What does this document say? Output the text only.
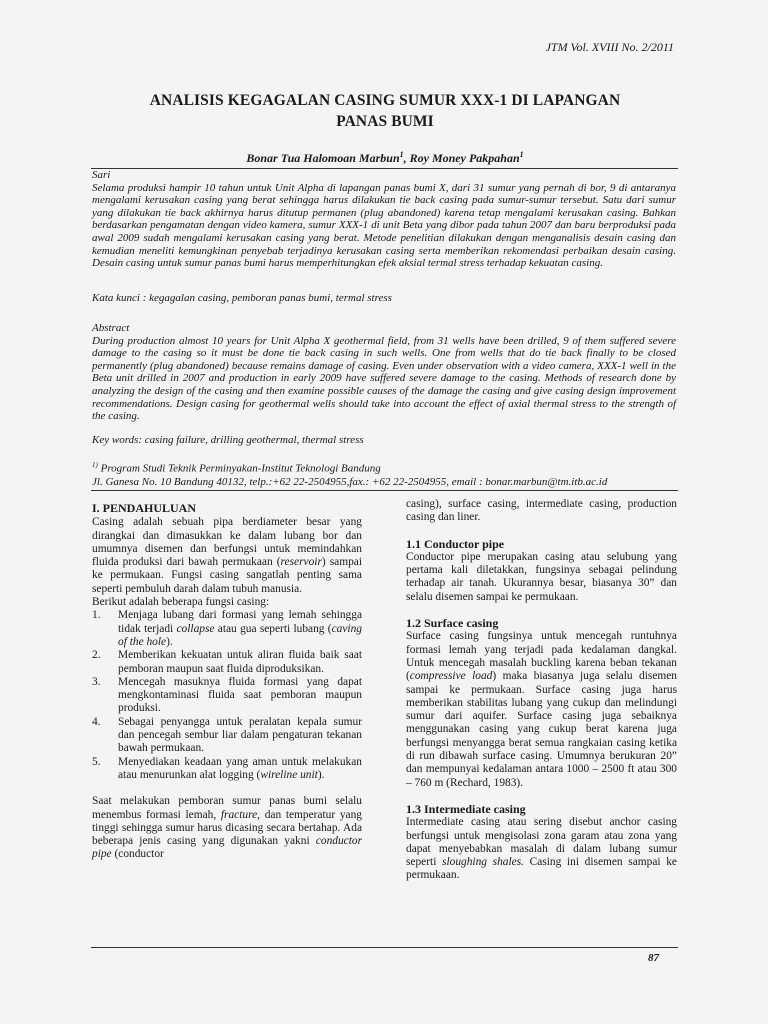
JTM Vol. XVIII No. 2/2011
ANALISIS KEGAGALAN CASING SUMUR XXX-1 DI LAPANGAN
PANAS BUMI
Bonar Tua Halomoan Marbun$^1$, Roy Money Pakpahan$^1$

Sari
Selama produksi hampir 10 tahun untuk Unit Alpha di lapangan panas bumi X, dari 31 sumur yang pernah di bor, 9 di antaranya mengalami kerusakan casing yang berat sehingga harus dilakukan tie back casing pada sumur-sumur tersebut. Satu dari sumur yang dilakukan tie back akhirnya harus ditutup permanen (plug abandoned) karena tetap mengalami kerusakan casing. Bahkan berdasarkan pengamatan dengan video kamera, sumur XXX-1 di unit Beta yang dibor pada tahun 2007 dan baru berproduksi pada awal 2009 sudah mengalami kerusakan casing yang berat. Metode penelitian dilakukan dengan menganalisis desain casing dan kemudian meneliti kemungkinan penyebab terjadinya kerusakan casing serta memberikan rekomendasi perbaikan desain casing. Desain casing untuk sumur panas bumi harus memperhitungkan efek aksial termal stress terhadap kekuatan casing.

Kata kunci : kegagalan casing, pemboran panas bumi, termal stress

Abstract
During production almost 10 years for Unit Alpha X geothermal field, from 31 wells have been drilled, 9 of them suffered severe damage to the casing so it must be done tie back casing in such wells. One from wells that do tie back finally to be closed permanently (plug abandoned) because remains damage of casing. Even under observation with a video camera, XXX-1 well in the Beta unit drilled in 2007 and production in early 2009 have suffered severe damage to the casing. Methods of research done by analyzing the design of the casing and then examine possible causes of the damage the casing and give casing design improvement recommendations. Design casing for geothermal wells should take into account the effect of axial thermal stress to the strength of the casing.

Key words: casing failure, drilling geothermal, thermal stress

$^{1)}$ Program Studi Teknik Perminyakan-Institut Teknologi Bandung
Jl. Ganesa No. 10 Bandung 40132, telp.:+62 22-2504955,fax.: +62 22-2504955, email : bonar.marbun@tm.itb.ac.id

I. PENDAHULUAN

Casing adalah sebuah pipa berdiameter besar yang dirangkai dan dimasukkan ke dalam lubang bor dan umumnya disemen dan berfungsi untuk memindahkan fluida produksi dari bawah permukaan (reservoir) sampai ke permukaan. Fungsi casing sangatlah penting sama seperti pembuluh darah dalam tubuh manusia.

Berikut adalah beberapa fungsi casing:

1. Menjaga lubang dari formasi yang lemah sehingga tidak terjadi collapse atau gua seperti lubang (caving of the hole).
2. Memberikan kekuatan untuk aliran fluida baik saat pemboran maupun saat fluida diproduksikan.
3. Mencegah masuknya fluida formasi yang dapat mengkontaminasi fluida saat pemboran maupun produksi.
4. Sebagai penyangga untuk peralatan kepala sumur dan pencegah sembur liar dalam pengaturan tekanan bawah permukaan.
5. Menyediakan keadaan yang aman untuk melakukan atau menurunkan alat logging (wireline unit).

Saat melakukan pemboran sumur panas bumi selalu menembus formasi lemah, fracture, dan temperatur yang tinggi sehingga sumur harus dicasing secara bertahap. Ada beberapa jenis casing yang digunakan yakni conductor pipe (conductor

casing), surface casing, intermediate casing, production casing dan liner.

1.1 Conductor pipe

Conductor pipe merupakan casing atau selubung yang pertama kali diletakkan, fungsinya sebagai pelindung terhadap air tanah. Ukurannya besar, biasanya 30” dan selalu disemen sampai ke permukaan.

1.2 Surface casing

Surface casing fungsinya untuk mencegah runtuhnya formasi lemah yang terjadi pada kedalaman dangkal. Untuk mencegah masalah buckling karena beban tekanan (compressive load) maka biasanya juga selalu disemen sampai ke permukaan. Surface casing juga harus memberikan stabilitas lubang yang cukup dan melindungi sumur dari aquifer. Surface casing juga sebaiknya menggunakan casing yang cukup berat karena juga berfungsi menyangga berat semua rangkaian casing ketika di run dibawah surface casing. Umumnya berukuran 20” dan mempunyai kedalaman antara 1000 – 2500 ft atau 300 – 760 m (Rechard, 1983).

1.3 Intermediate casing

Intermediate casing atau sering disebut anchor casing berfungsi untuk mengisolasi zona garam atau zona yang dapat menyebabkan masalah di dalam lubang sumur seperti sloughing shales. Casing ini disemen sampai ke permukaan.

87
